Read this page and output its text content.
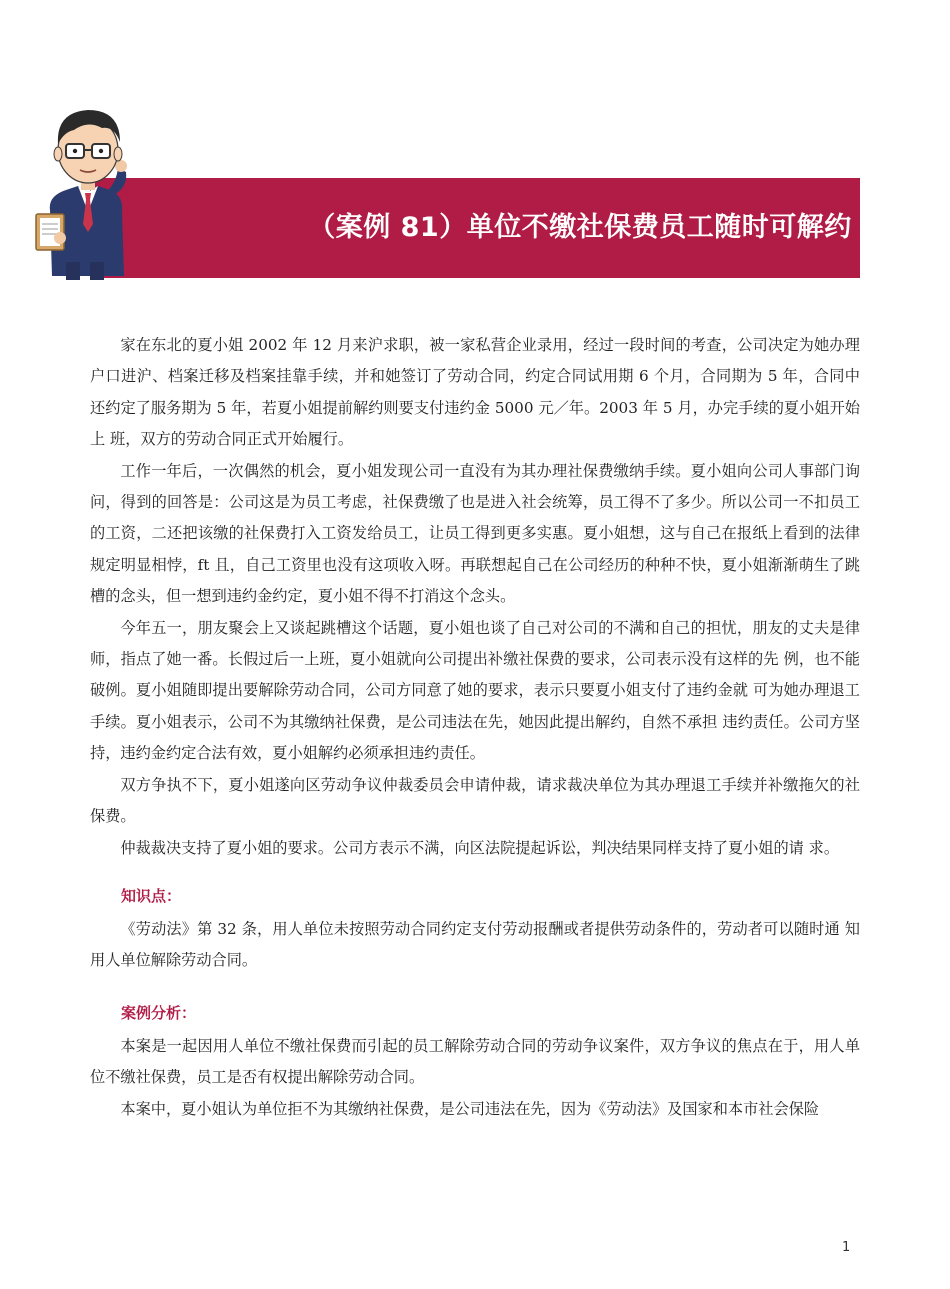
（案例 81）单位不缴社保费员工随时可解约

家在东北的夏小姐 2002 年 12 月来沪求职，被一家私营企业录用，经过一段时间的考查，公司决定为她办理 户口进沪、档案迁移及档案挂靠手续，并和她签订了劳动合同，约定合同试用期 6 个月，合同期为 5 年，合同中 还约定了服务期为 5 年，若夏小姐提前解约则要支付违约金 5000 元／年。2003 年 5 月，办完手续的夏小姐开始上 班，双方的劳动合同正式开始履行。

工作一年后，一次偶然的机会，夏小姐发现公司一直没有为其办理社保费缴纳手续。夏小姐向公司人事部门询问，得到的回答是：公司这是为员工考虑，社保费缴了也是进入社会统筹，员工得不了多少。所以公司一不扣员工的工资，二还把该缴的社保费打入工资发给员工，让员工得到更多实惠。夏小姐想，这与自己在报纸上看到的法律规定明显相悖，ft 且，自己工资里也没有这项收入呀。再联想起自己在公司经历的种种不快，夏小姐渐渐萌生了跳槽的念头，但一想到违约金约定，夏小姐不得不打消这个念头。

今年五一，朋友聚会上又谈起跳槽这个话题，夏小姐也谈了自己对公司的不满和自己的担忧，朋友的丈夫是律师，指点了她一番。长假过后一上班，夏小姐就向公司提出补缴社保费的要求，公司表示没有这样的先 例，也不能破例。夏小姐随即提出要解除劳动合同，公司方同意了她的要求，表示只要夏小姐支付了违约金就 可为她办理退工手续。夏小姐表示，公司不为其缴纳社保费，是公司违法在先，她因此提出解约，自然不承担 违约责任。公司方坚持，违约金约定合法有效，夏小姐解约必须承担违约责任。

双方争执不下，夏小姐遂向区劳动争议仲裁委员会申请仲裁，请求裁决单位为其办理退工手续并补缴拖欠的社保费。

仲裁裁决支持了夏小姐的要求。公司方表示不满，向区法院提起诉讼，判决结果同样支持了夏小姐的请 求。

知识点：

《劳动法》第 32 条，用人单位未按照劳动合同约定支付劳动报酬或者提供劳动条件的，劳动者可以随时通 知用人单位解除劳动合同。

案例分析：

本案是一起因用人单位不缴社保费而引起的员工解除劳动合同的劳动争议案件，双方争议的焦点在于，用人单位不缴社保费，员工是否有权提出解除劳动合同。

本案中，夏小姐认为单位拒不为其缴纳社保费，是公司违法在先，因为《劳动法》及国家和本市社会保险

1
